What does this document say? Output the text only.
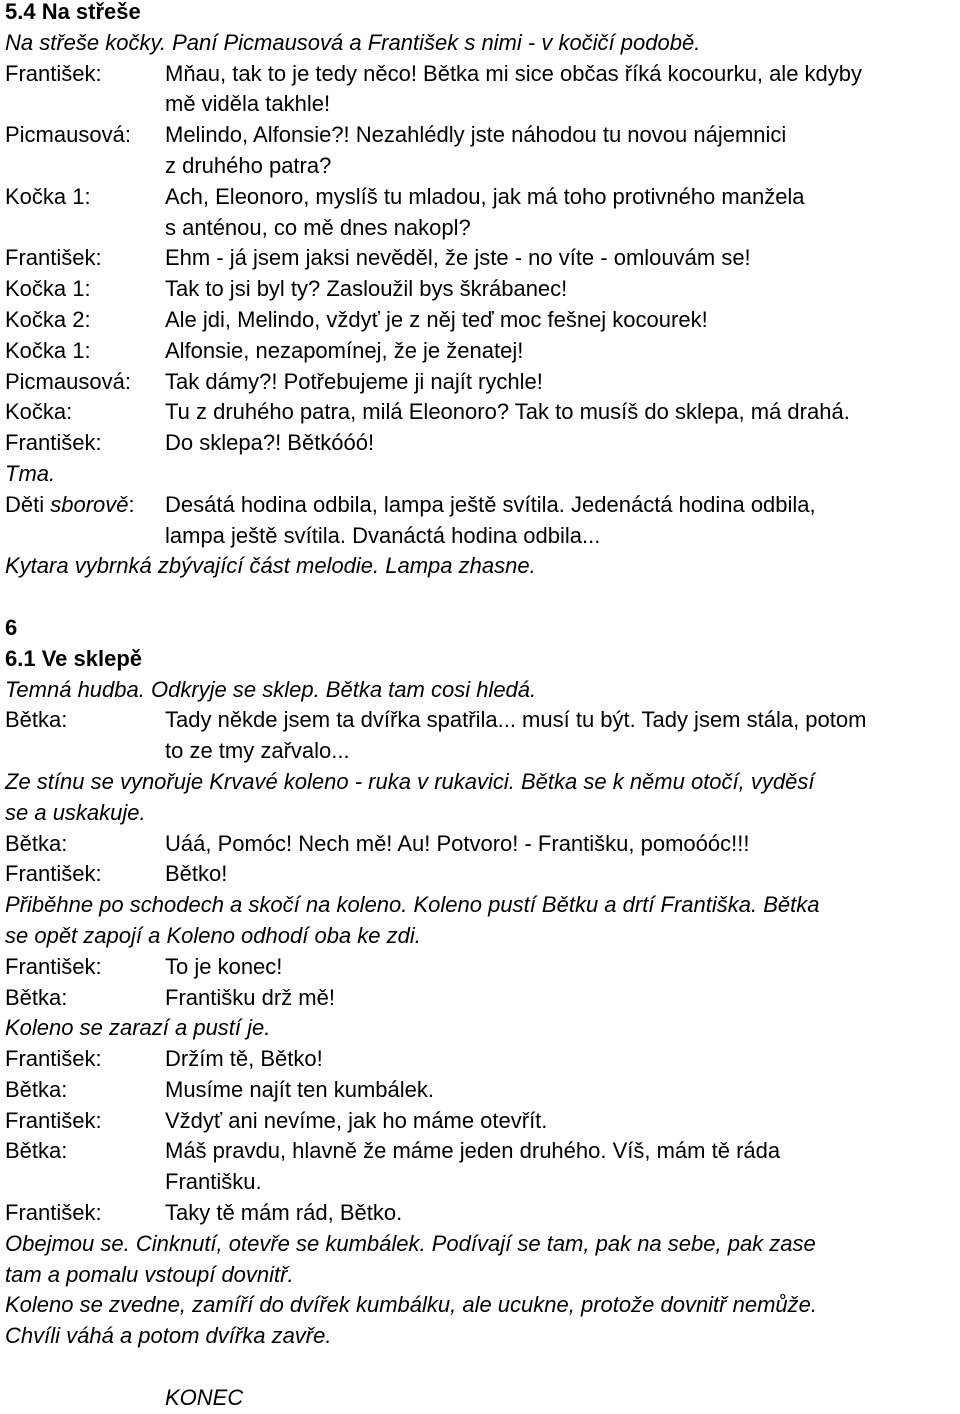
5.4 Na střeše
Na střeše kočky. Paní Picmausová a František s nimi - v kočičí podobě.
František:	Mňau, tak to je tedy něco! Bětka mi sice občas říká kocourku, ale kdyby
mě viděla takhle!
Picmausová:	Melindo, Alfonsie?! Nezahlédly jste náhodou tu novou nájemnici
z druhého patra?
Kočka 1:	Ach, Eleonoro, myslíš tu mladou, jak má toho protivného manžela
s anténou, co mě dnes nakopl?
František:	Ehm - já jsem jaksi nevěděl, že jste - no víte - omlouvám se!
Kočka 1:	Tak to jsi byl ty? Zasloužil bys škrábanec!
Kočka 2:	Ale jdi, Melindo, vždyť je z něj teď moc fešnej kocourek!
Kočka 1:	Alfonsie, nezapomínej, že je ženatej!
Picmausová:	Tak dámy?! Potřebujeme ji najít rychle!
Kočka:	Tu z druhého patra, milá Eleonoro? Tak to musíš do sklepa, má drahá.
František:	Do sklepa?! Bětkóóó!
Tma.
Děti sborově:	Desátá hodina odbila, lampa ještě svítila. Jedenáctá hodina odbila,
lampa ještě svítila. Dvanáctá hodina odbila...
Kytara vybrnká zbývající část melodie. Lampa zhasne.
6
6.1 Ve sklepě
Temná hudba. Odkryje se sklep. Bětka tam cosi hledá.
Bětka:	Tady někde jsem ta dvířka spatřila... musí tu být. Tady jsem stála, potom
to ze tmy zařvalo...
Ze stínu se vynořuje Krvavé koleno - ruka v rukavici. Bětka se k němu otočí, vyděsí
se a uskakuje.
Bětka:	Uáá, Pomóc! Nech mě! Au! Potvoro! - Františku, pomoóóc!!!
František:	Bětko!
Přiběhne po schodech a skočí na koleno. Koleno pustí Bětku a drtí Františka. Bětka
se opět zapojí a Koleno odhodí oba ke zdi.
František:	To je konec!
Bětka:	Františku drž mě!
Koleno se zarazí a pustí je.
František:	Držím tě, Bětko!
Bětka:	Musíme najít ten kumbálek.
František:	Vždyť ani nevíme, jak ho máme otevřít.
Bětka:	Máš pravdu, hlavně že máme jeden druhého. Víš, mám tě ráda
Františku.
František:	Taky tě mám rád, Bětko.
Obejmou se. Cinknutí, otevře se kumbálek. Podívají se tam, pak na sebe, pak zase
tam a pomalu vstoupí dovnitř.
Koleno se zvedne, zamíří do dvířek kumbálku, ale ucukne, protože dovnitř nemůže.
Chvíli váhá a potom dvířka zavře.
KONEC
